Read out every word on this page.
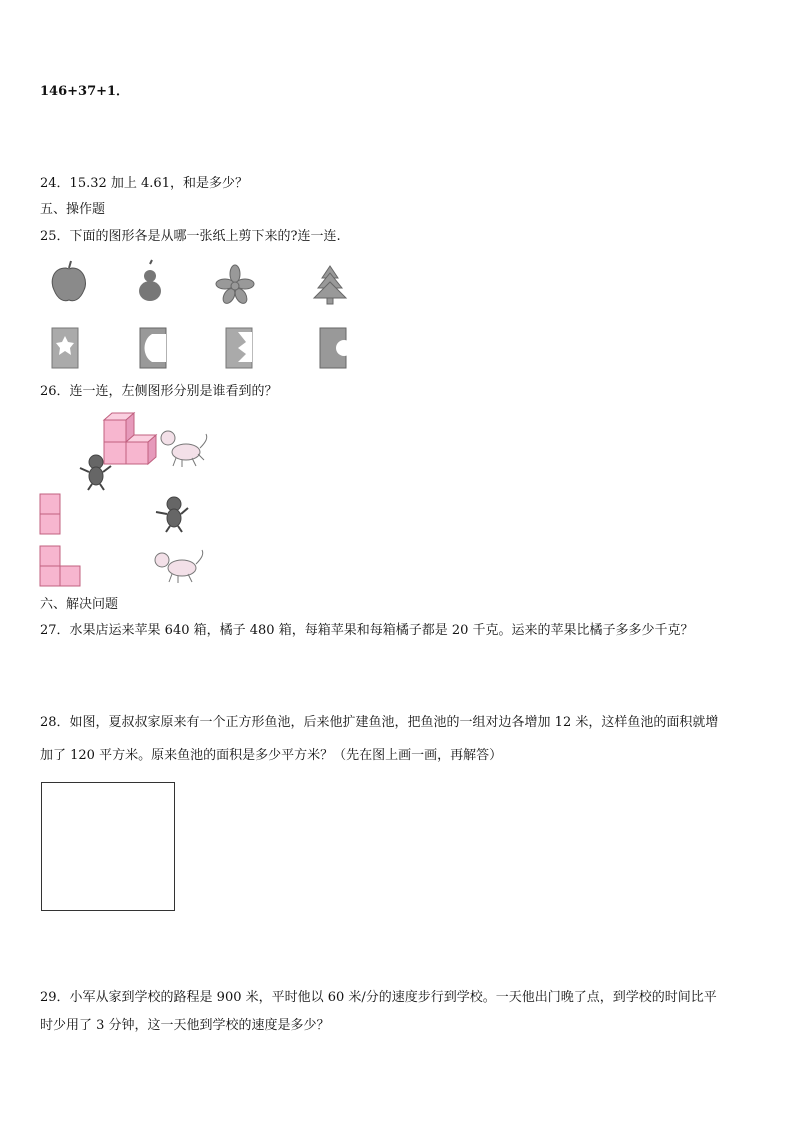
146+37+1．
24．15.32 加上 4.61，和是多少？
五、操作题
25．下面的图形各是从哪一张纸上剪下来的?连一连.
26．连一连，左侧图形分别是谁看到的？
六、解决问题
27．水果店运来苹果 640 箱，橘子 480 箱，每箱苹果和每箱橘子都是 20 千克。运来的苹果比橘子多多少千克？
28．如图，夏叔叔家原来有一个正方形鱼池，后来他扩建鱼池，把鱼池的一组对边各增加 12 米，这样鱼池的面积就增
加了 120 平方米。原来鱼池的面积是多少平方米？（先在图上画一画，再解答）
29．小军从家到学校的路程是 900 米，平时他以 60 米/分的速度步行到学校。一天他出门晚了点，到学校的时间比平
时少用了 3 分钟，这一天他到学校的速度是多少？
